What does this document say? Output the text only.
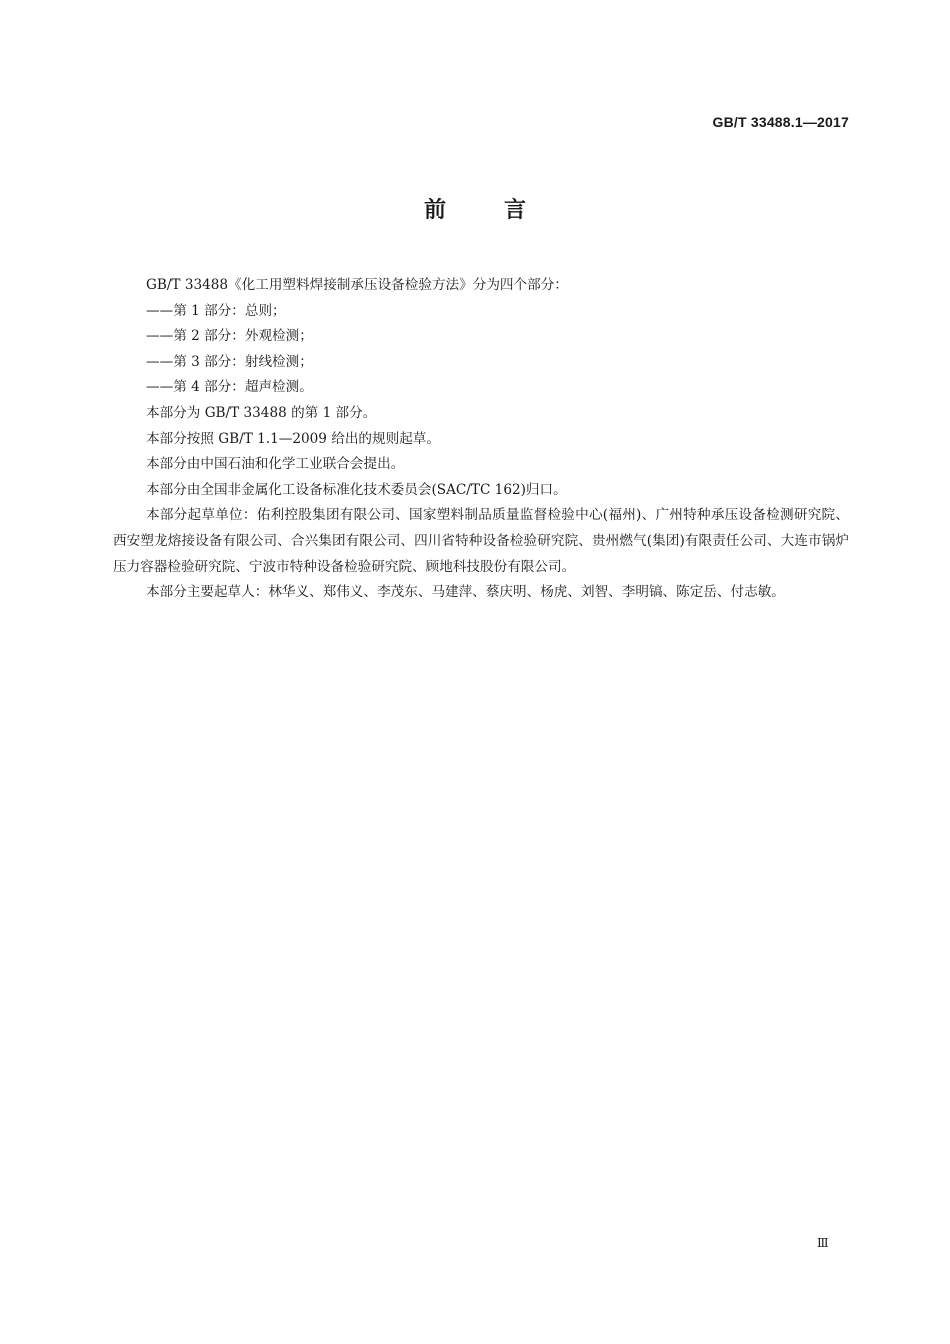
GB/T 33488.1—2017
前言

GB/T 33488《化工用塑料焊接制承压设备检验方法》分为四个部分：

——第 1 部分：总则；

——第 2 部分：外观检测；

——第 3 部分：射线检测；

——第 4 部分：超声检测。

本部分为 GB/T 33488 的第 1 部分。

本部分按照 GB/T 1.1—2009 给出的规则起草。

本部分由中国石油和化学工业联合会提出。

本部分由全国非金属化工设备标准化技术委员会(SAC/TC 162)归口。

本部分起草单位：佑利控股集团有限公司、国家塑料制品质量监督检验中心(福州)、广州特种承压设备检测研究院、西安塑龙熔接设备有限公司、合兴集团有限公司、四川省特种设备检验研究院、贵州燃气(集团)有限责任公司、大连市锅炉压力容器检验研究院、宁波市特种设备检验研究院、顾地科技股份有限公司。

本部分主要起草人：林华义、郑伟义、李茂东、马建萍、蔡庆明、杨虎、刘智、李明镐、陈定岳、付志敏。

Ⅲ
